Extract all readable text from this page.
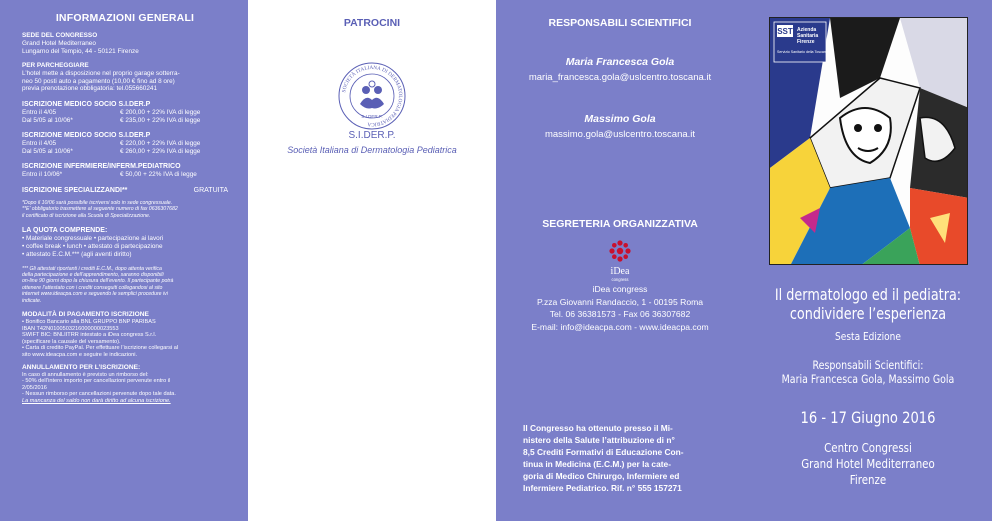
INFORMAZIONI GENERALI
SEDE DEL CONGRESSO
Grand Hotel Mediterraneo
Lungarno del Tempio, 44 - 50121 Firenze
PER PARCHEGGIARE
L’hotel mette a disposizione nel proprio garage sotterra-
neo 50 posti auto a pagamento (10,00 € fino ad 8 ore)
previa prenotazione obbligatoria: tel.055660241
ISCRIZIONE MEDICO SOCIO S.I.DER.P
Entro il 4/05	€ 200,00 + 22% IVA di legge
Dal 5/05 al 10/06*	€ 235,00 + 22% IVA di legge
ISCRIZIONE MEDICO SOCIO S.I.DER.P
Entro il 4/05	€ 220,00 + 22% IVA di legge
Dal 5/05 al 10/06*	€ 260,00 + 22% IVA di legge
ISCRIZIONE INFERMIERE/INFERM.PEDIATRICO
Entro il 10/06*	€ 50,00 + 22% IVA di legge
ISCRIZIONE SPECIALIZZANDI**	GRATUITA
*Dopo il 10/06 sarà possibile iscriversi solo in sede congressuale.
**E’ obbligatorio trasmettere al seguente numero di fax 0636307682
il certificato di iscrizione alla Scuola di Specializzazione.
LA QUOTA COMPRENDE:
• Materiale congressuale • partecipazione ai lavori
• coffee break • lunch • attestato di partecipazione
• attestato E.C.M.*** (agli aventi diritto)
*** Gli attestati riportanti i crediti E.C.M., dopo attenta verifica
della partecipazione e dell’apprendimento, saranno disponibili
on-line 90 giorni dopo la chiusura dell’evento. Il partecipante potrà
ottenere l’attestato con i crediti conseguiti collegandosi al sito
internet www.ideacpa.com e seguendo le semplici procedure ivi
indicate.
MODALITÀ DI PAGAMENTO ISCRIZIONE
• Bonifico Bancario alla BNL GRUPPO BNP PARIBAS
IBAN T42N0100503216000000023553
SWIFT BIC: BNLIITRR intestato a iDea congress S.r.l.
(specificare la causale del versamento).
• Carta di credito PayPal. Per effettuare l’iscrizione collegarsi al
sito www.ideacpa.com e seguire le indicazioni.
ANNULLAMENTO PER L’ISCRIZIONE:
In caso di annullamento è previsto un rimborso del:
- 50% dell’intero importo per cancellazioni pervenute entro il
2/05/2016
- Nessun rimborso per cancellazioni pervenute dopo tale data.
La mancanza del saldo non darà diritto ad alcuna iscrizione.
PATROCINI
SOCIETÀ ITALIANA DI DERMATOLOGIA PEDIATRICA
S.I.DER.P.
S.I.DER.P.
Società Italiana di Dermatologia Pediatrica
RESPONSABILI SCIENTIFICI
Maria Francesca Gola
maria_francesca.gola@uslcentro.toscana.it
Massimo Gola
massimo.gola@uslcentro.toscana.it
SEGRETERIA ORGANIZZATIVA
iDea
congress
iDea congress
P.zza Giovanni Randaccio, 1 - 00195 Roma
Tel. 06 36381573 - Fax 06 36307682
E-mail: info@ideacpa.com - www.ideacpa.com
Il Congresso ha ottenuto presso il Mi-
nistero della Salute l’attribuzione di n°
8,5 Crediti Formativi di Educazione Con-
tinua in Medicina (E.C.M.) per la cate-
goria di Medico Chirurgo, Infermiere ed
Infermiere Pediatrico. Rif. n° 555 157271
SST Azienda
Sanitaria
Firenze
Servizio Sanitario della Toscana
Il dermatologo ed il pediatra:
condividere l’esperienza
Sesta Edizione
Responsabili Scientifici:
Maria Francesca Gola, Massimo Gola
16 - 17 Giugno 2016
Centro Congressi
Grand Hotel Mediterraneo
Firenze
